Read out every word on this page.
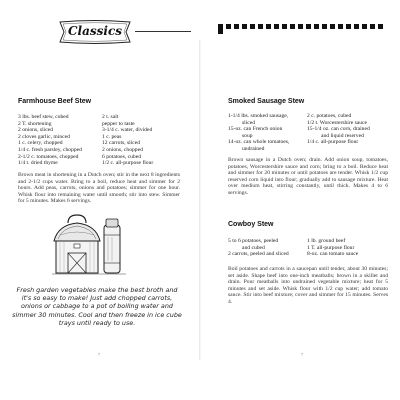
Classics
Farmhouse Beef Stew
3 lbs. beef stew, cubed
2 T. shortening
2 onions, sliced
2 cloves garlic, minced
1 c. celery, chopped
1/4 c. fresh parsley, chopped
2-1/2 c. tomatoes, chopped
1/4 t. dried thyme
2 t. salt
pepper to taste
3-1/4 c. water, divided
1 c. peas
12 carrots, sliced
2 onions, chopped
6 potatoes, cubed
1/2 c. all-purpose flour
Brown meat in shortening in a Dutch oven; stir in the next 8 ingredients and 2-1/2 cups water. Bring to a boil, reduce heat and simmer for 2 hours. Add peas, carrots, onions and potatoes; simmer for one hour. Whisk flour into remaining water until smooth; stir into stew. Simmer for 5 minutes. Makes 6 servings.
Fresh garden vegetables make the best broth and it's so easy to make! Just add chopped carrots, onions or cabbage to a pot of boiling water and simmer 30 minutes. Cool and then freeze in ice cube trays until ready to use.
7
Smoked Sausage Stew
1-1/4 lbs. smoked sausage,
sliced
15-oz. can French onion
soup
14-oz. can whole tomatoes,
undrained
2 c. potatoes, cubed
1/2 t. Worcestershire sauce
15-1/4 oz. can corn, drained
and liquid reserved
1/4 c. all-purpose flour
Brown sausage in a Dutch oven; drain. Add onion soup, tomatoes, potatoes, Worcestershire sauce and corn; bring to a boil. Reduce heat and simmer for 20 minutes or until potatoes are tender. Whisk 1/2 cup reserved corn liquid into flour; gradually add to sausage mixture. Heat over medium heat, stirring constantly, until thick. Makes 4 to 6 servings.
Cowboy Stew
5 to 6 potatoes, peeled
and cubed
2 carrots, peeled and sliced
1 lb. ground beef
1 T. all-purpose flour
8-oz. can tomato sauce
Boil potatoes and carrots in a saucepan until tender, about 30 minutes; set aside. Shape beef into one-inch meatballs; brown in a skillet and drain. Pour meatballs into undrained vegetable mixture; heat for 5 minutes and set aside. Whisk flour with 1/2 cup water; add tomato sauce. Stir into beef mixture; cover and simmer for 15 minutes. Serves 4.
7
